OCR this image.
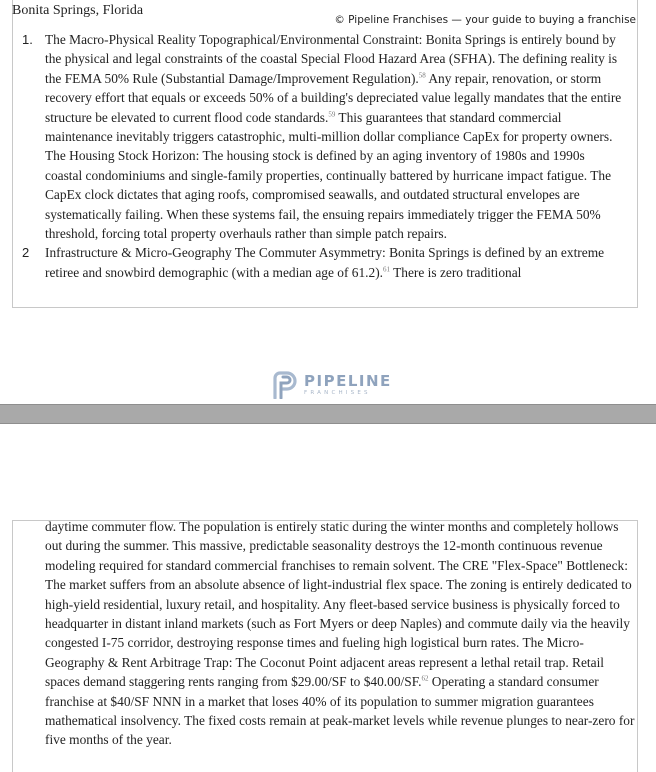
Bonita Springs, Florida

© Pipeline Franchises — your guide to buying a franchise
1. The Macro-Physical Reality Topographical/Environmental Constraint: Bonita Springs is entirely bound by the physical and legal constraints of the coastal Special Flood Hazard Area (SFHA). The defining reality is the FEMA 50% Rule (Substantial Damage/Improvement Regulation).$^{58}$ Any repair, renovation, or storm recovery effort that equals or exceeds 50% of a building's depreciated value legally mandates that the entire structure be elevated to current flood code standards.$^{59}$ This guarantees that standard commercial maintenance inevitably triggers catastrophic, multi-million dollar compliance CapEx for property owners. The Housing Stock Horizon: The housing stock is defined by an aging inventory of 1980s and 1990s coastal condominiums and single-family properties, continually battered by hurricane impact fatigue. The CapEx clock dictates that aging roofs, compromised seawalls, and outdated structural envelopes are systematically failing. When these systems fail, the ensuing repairs immediately trigger the FEMA 50% threshold, forcing total property overhauls rather than simple patch repairs.
2 Infrastructure & Micro-Geography The Commuter Asymmetry: Bonita Springs is defined by an extreme retiree and snowbird demographic (with a median age of 61.2).$^{61}$ There is zero traditional
PIPELINE
FRANCHISES

daytime commuter flow. The population is entirely static during the winter months and completely hollows out during the summer. This massive, predictable seasonality destroys the 12-month continuous revenue modeling required for standard commercial franchises to remain solvent. The CRE "Flex-Space" Bottleneck: The market suffers from an absolute absence of light-industrial flex space. The zoning is entirely dedicated to high-yield residential, luxury retail, and hospitality. Any fleet-based service business is physically forced to headquarter in distant inland markets (such as Fort Myers or deep Naples) and commute daily via the heavily congested I-75 corridor, destroying response times and fueling high logistical burn rates. The Micro-Geography & Rent Arbitrage Trap: The Coconut Point adjacent areas represent a lethal retail trap. Retail spaces demand staggering rents ranging from $29.00/SF to $40.00/SF.$^{62}$ Operating a standard consumer franchise at $40/SF NNN in a market that loses 40% of its population to summer migration guarantees mathematical insolvency. The fixed costs remain at peak-market levels while revenue plunges to near-zero for five months of the year.
